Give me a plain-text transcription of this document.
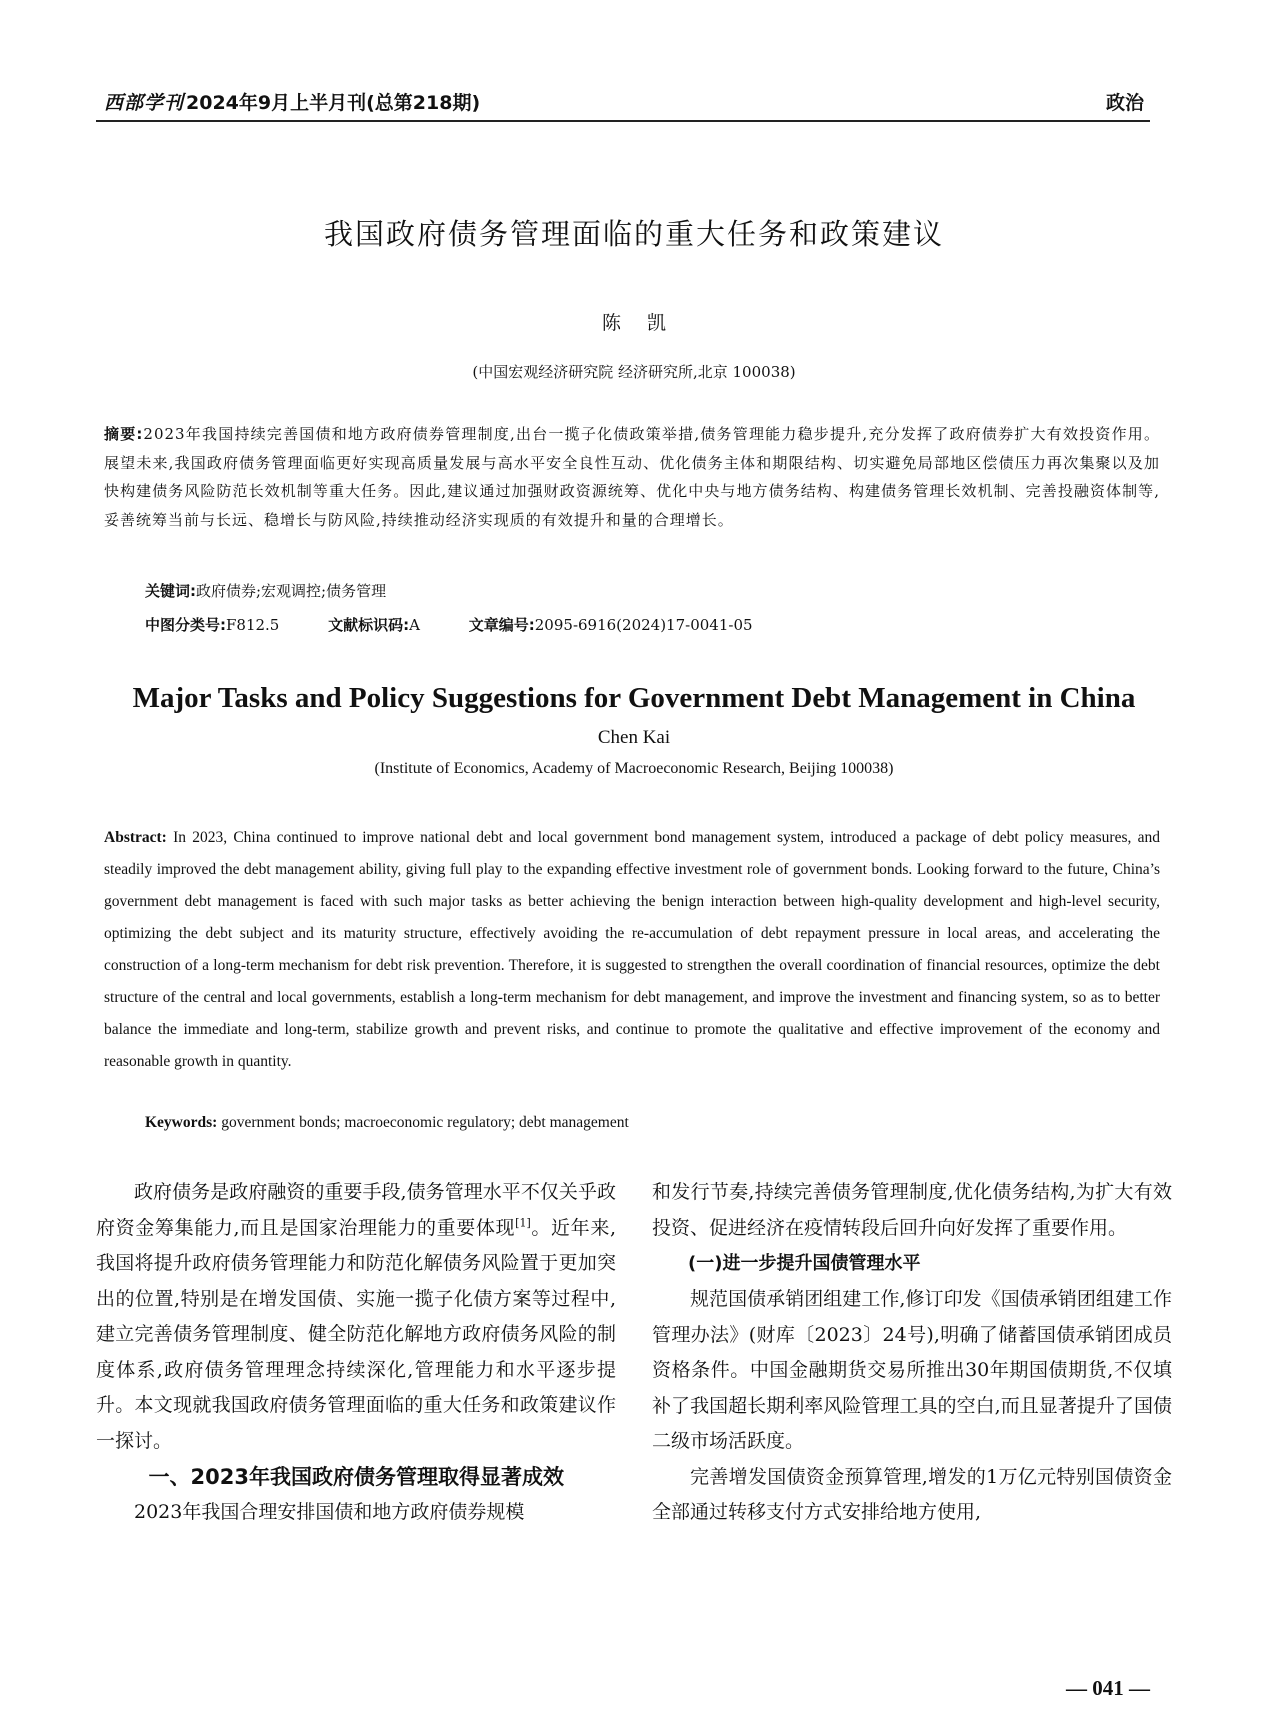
西部学刊 2024年9月上半月刊(总第218期)	政治
我国政府债务管理面临的重大任务和政策建议
陈凯
(中国宏观经济研究院 经济研究所,北京 100038)
摘要:2023年我国持续完善国债和地方政府债券管理制度,出台一揽子化债政策举措,债务管理能力稳步提升,充分发挥了政府债券扩大有效投资作用。展望未来,我国政府债务管理面临更好实现高质量发展与高水平安全良性互动、优化债务主体和期限结构、切实避免局部地区偿债压力再次集聚以及加快构建债务风险防范长效机制等重大任务。因此,建议通过加强财政资源统筹、优化中央与地方债务结构、构建债务管理长效机制、完善投融资体制等,妥善统筹当前与长远、稳增长与防风险,持续推动经济实现质的有效提升和量的合理增长。
关键词:政府债券;宏观调控;债务管理
中图分类号:F812.5	文献标识码:A	文章编号:2095-6916(2024)17-0041-05
Major Tasks and Policy Suggestions for Government Debt Management in China
Chen Kai
(Institute of Economics, Academy of Macroeconomic Research, Beijing 100038)
Abstract: In 2023, China continued to improve national debt and local government bond management system, introduced a package of debt policy measures, and steadily improved the debt management ability, giving full play to the expanding effective investment role of government bonds. Looking forward to the future, China’s government debt management is faced with such major tasks as better achieving the benign interaction between high-quality development and high-level security, optimizing the debt subject and its maturity structure, effectively avoiding the re-accumulation of debt repayment pressure in local areas, and accelerating the construction of a long-term mechanism for debt risk prevention. Therefore, it is suggested to strengthen the overall coordination of financial resources, optimize the debt structure of the central and local governments, establish a long-term mechanism for debt management, and improve the investment and financing system, so as to better balance the immediate and long-term, stabilize growth and prevent risks, and continue to promote the qualitative and effective improvement of the economy and reasonable growth in quantity.
Keywords: government bonds; macroeconomic regulatory; debt management

政府债务是政府融资的重要手段,债务管理水平不仅关乎政府资金筹集能力,而且是国家治理能力的重要体现[1]。近年来,我国将提升政府债务管理能力和防范化解债务风险置于更加突出的位置,特别是在增发国债、实施一揽子化债方案等过程中,建立完善债务管理制度、健全防范化解地方政府债务风险的制度体系,政府债务管理理念持续深化,管理能力和水平逐步提升。本文现就我国政府债务管理面临的重大任务和政策建议作一探讨。

一、2023年我国政府债务管理取得显著成效

2023年我国合理安排国债和地方政府债券规模

和发行节奏,持续完善债务管理制度,优化债务结构,为扩大有效投资、促进经济在疫情转段后回升向好发挥了重要作用。

(一)进一步提升国债管理水平

规范国债承销团组建工作,修订印发《国债承销团组建工作管理办法》(财库〔2023〕24号),明确了储蓄国债承销团成员资格条件。中国金融期货交易所推出30年期国债期货,不仅填补了我国超长期利率风险管理工具的空白,而且显著提升了国债二级市场活跃度。

完善增发国债资金预算管理,增发的1万亿元特别国债资金全部通过转移支付方式安排给地方使用,

— 041 —
